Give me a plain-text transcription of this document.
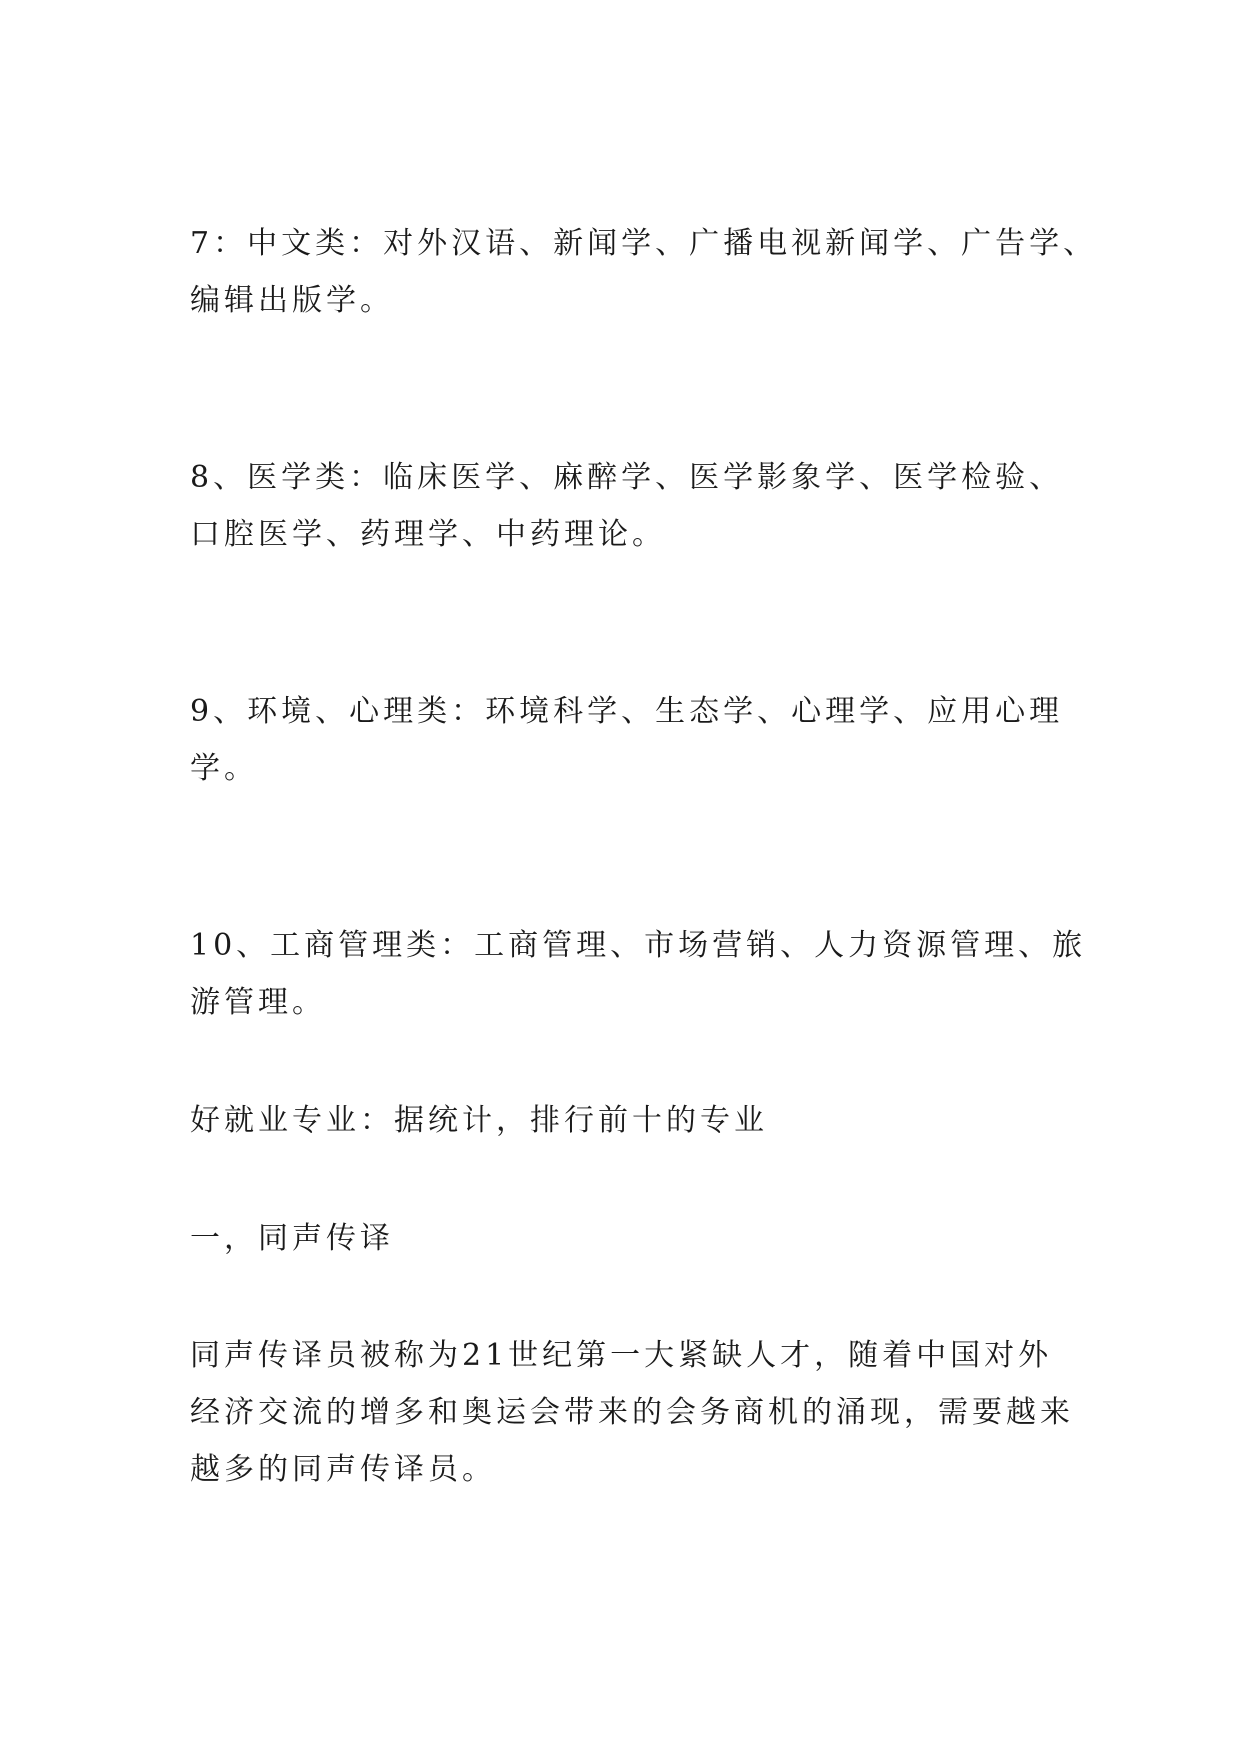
7：中文类：对外汉语、新闻学、广播电视新闻学、广告学、
编辑出版学。

8、医学类：临床医学、麻醉学、医学影象学、医学检验、
口腔医学、药理学、中药理论。

9、环境、心理类：环境科学、生态学、心理学、应用心理
学。

10、工商管理类：工商管理、市场营销、人力资源管理、旅
游管理。

好就业专业：据统计，排行前十的专业

一，同声传译

同声传译员被称为21世纪第一大紧缺人才，随着中国对外
经济交流的增多和奥运会带来的会务商机的涌现，需要越来
越多的同声传译员。
